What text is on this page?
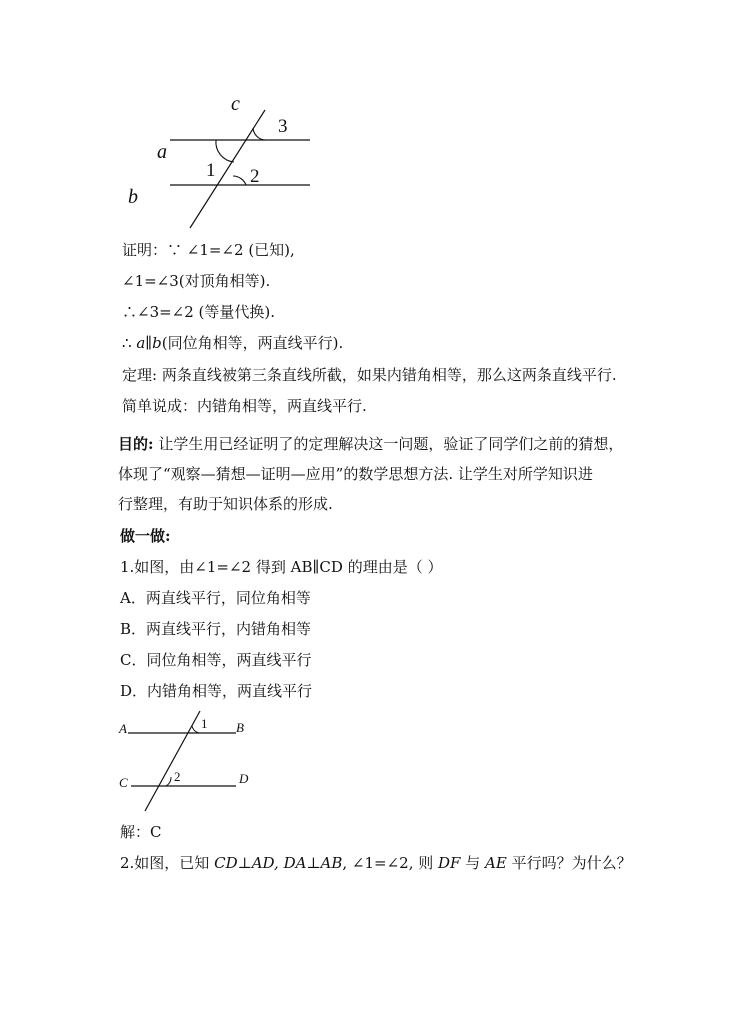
c
3
a
1 2
b
证明：∵ ∠1=∠2 (已知),
∠1=∠3(对顶角相等).
∴∠3=∠2 (等量代换).
∴ a∥b(同位角相等，两直线平行).
定理: 两条直线被第三条直线所截，如果内错角相等，那么这两条直线平行.
简单说成：内错角相等，两直线平行.
目的: 让学生用已经证明了的定理解决这一问题，验证了同学们之前的猜想，
体现了“观察—猜想—证明—应用”的数学思想方法. 让学生对所学知识进
行整理，有助于知识体系的形成.
做一做:
1.如图，由∠1=∠2 得到 AB∥CD 的理由是（ ）
A．两直线平行，同位角相等
B．两直线平行，内错角相等
C．同位角相等，两直线平行
D．内错角相等，两直线平行
A	B
C	D
1
2
解：C
2.如图，已知 CD⊥AD, DA⊥AB, ∠1=∠2, 则 DF 与 AE 平行吗？为什么？
